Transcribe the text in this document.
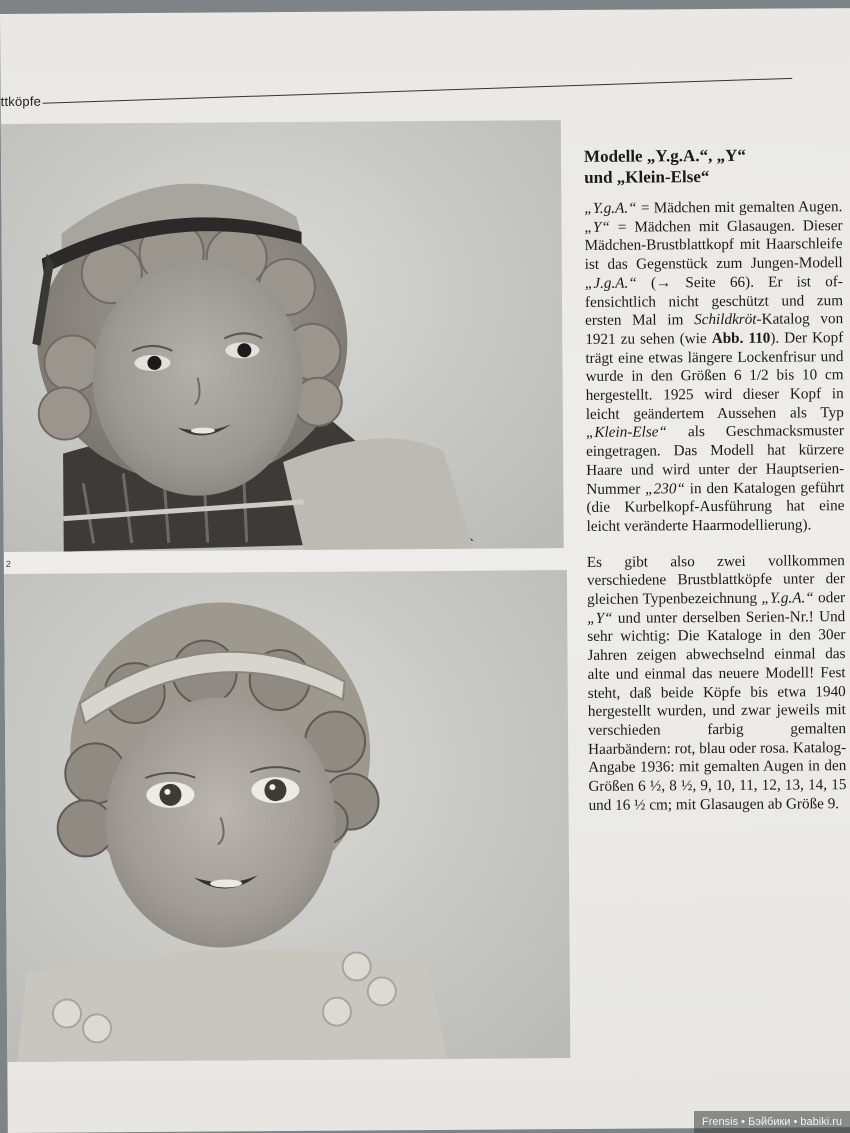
ttköpfe
2
Modelle „Y.g.A.“, „Y“
und „Klein-Else“

„Y.g.A.“ = Mädchen mit gemalten Augen. „Y“ = Mädchen mit Glasaugen. Dieser Mädchen-Brustblattkopf mit Haarschleife ist das Gegenstück zum Jungen-Modell „J.g.A.“ (→ Seite 66). Er ist offensichtlich nicht geschützt und zum ersten Mal im Schildkröt-Katalog von 1921 zu sehen (wie Abb. 110). Der Kopf trägt eine etwas längere Lockenfrisur und wurde in den Größen 6 1/2 bis 10 cm hergestellt. 1925 wird dieser Kopf in leicht geändertem Aussehen als Typ „Klein-Else“ als Geschmacksmuster eingetragen. Das Modell hat kürzere Haare und wird unter der Hauptserien-Nummer „230“ in den Katalogen geführt (die Kurbelkopf-Ausführung hat eine leicht veränderte Haarmodellierung).

Es gibt also zwei vollkommen verschiedene Brustblattköpfe unter der gleichen Typenbezeichnung „Y.g.A.“ oder „Y“ und unter derselben Serien-Nr.! Und sehr wichtig: Die Kataloge in den 30er Jahren zeigen abwechselnd einmal das alte und einmal das neuere Modell! Fest steht, daß beide Köpfe bis etwa 1940 hergestellt wurden, und zwar jeweils mit verschieden farbig gemalten Haarbändern: rot, blau oder rosa. Katalog-Angabe 1936: mit gemalten Augen in den Größen 6 ½, 8 ½, 9, 10, 11, 12, 13, 14, 15 und 16 ½ cm; mit Glasaugen ab Größe 9.

Frensis • Бэйбики • babiki.ru
